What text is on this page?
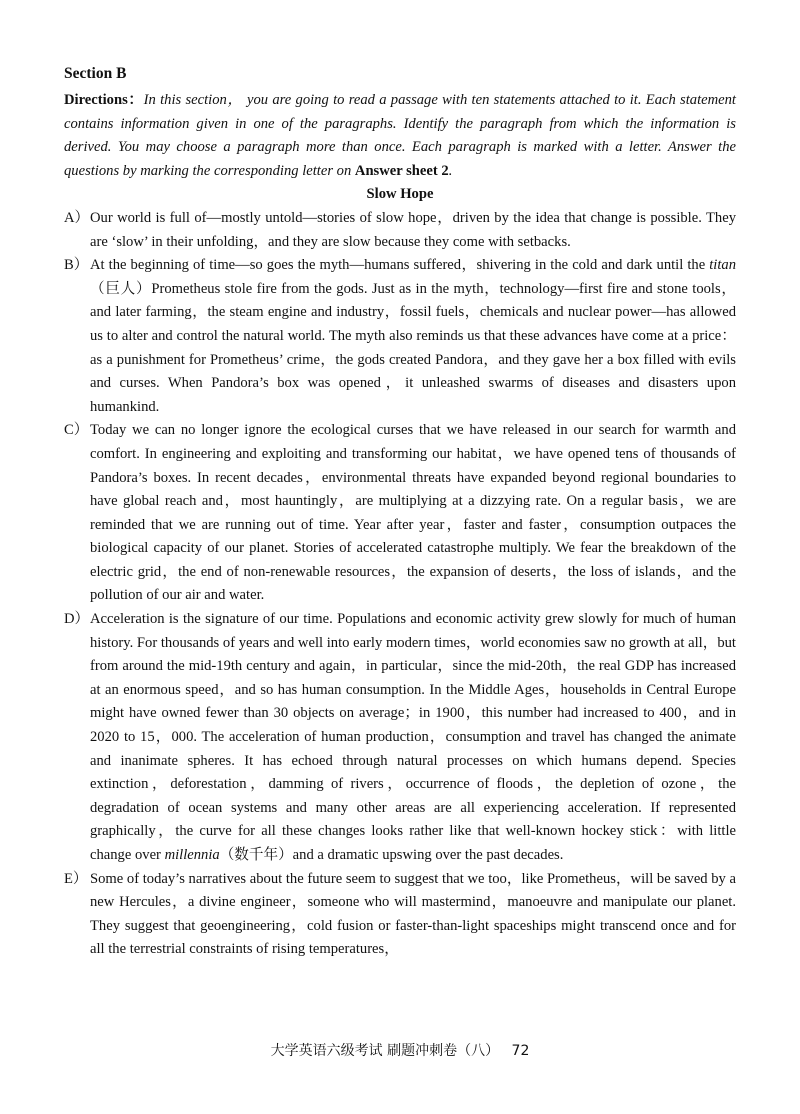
Section B
Directions：In this section， you are going to read a passage with ten statements attached to it. Each statement contains information given in one of the paragraphs. Identify the paragraph from which the information is derived. You may choose a paragraph more than once. Each paragraph is marked with a letter. Answer the questions by marking the corresponding letter on Answer sheet 2.
Slow Hope

A） Our world is full of—mostly untold—stories of slow hope，driven by the idea that change is possible. They are ‘slow’ in their unfolding，and they are slow because they come with setbacks.

B） At the beginning of time—so goes the myth—humans suffered，shivering in the cold and dark until the titan（巨人）Prometheus stole fire from the gods. Just as in the myth，technology—first fire and stone tools，and later farming，the steam engine and industry，fossil fuels，chemicals and nuclear power—has allowed us to alter and control the natural world. The myth also reminds us that these advances have come at a price：as a punishment for Prometheus’ crime，the gods created Pandora，and they gave her a box filled with evils and curses. When Pandora’s box was opened，it unleashed swarms of diseases and disasters upon humankind.

C） Today we can no longer ignore the ecological curses that we have released in our search for warmth and comfort. In engineering and exploiting and transforming our habitat，we have opened tens of thousands of Pandora’s boxes. In recent decades，environmental threats have expanded beyond regional boundaries to have global reach and，most hauntingly，are multiplying at a dizzying rate. On a regular basis，we are reminded that we are running out of time. Year after year，faster and faster，consumption outpaces the biological capacity of our planet. Stories of accelerated catastrophe multiply. We fear the breakdown of the electric grid，the end of non-renewable resources，the expansion of deserts，the loss of islands，and the pollution of our air and water.

D） Acceleration is the signature of our time. Populations and economic activity grew slowly for much of human history. For thousands of years and well into early modern times，world economies saw no growth at all，but from around the mid-19th century and again，in particular，since the mid-20th，the real GDP has increased at an enormous speed，and so has human consumption. In the Middle Ages，households in Central Europe might have owned fewer than 30 objects on average；in 1900，this number had increased to 400，and in 2020 to 15，000. The acceleration of human production，consumption and travel has changed the animate and inanimate spheres. It has echoed through natural processes on which humans depend. Species extinction，deforestation，damming of rivers，occurrence of floods，the depletion of ozone，the degradation of ocean systems and many other areas are all experiencing acceleration. If represented graphically，the curve for all these changes looks rather like that well-known hockey stick：with little change over millennia（数千年）and a dramatic upswing over the past decades.

E） Some of today’s narratives about the future seem to suggest that we too，like Prometheus，will be saved by a new Hercules，a divine engineer，someone who will mastermind，manoeuvre and manipulate our planet. They suggest that geoengineering，cold fusion or faster-than-light spaceships might transcend once and for all the terrestrial constraints of rising temperatures，

大学英语六级考试 刷题冲刺卷（八） 72
